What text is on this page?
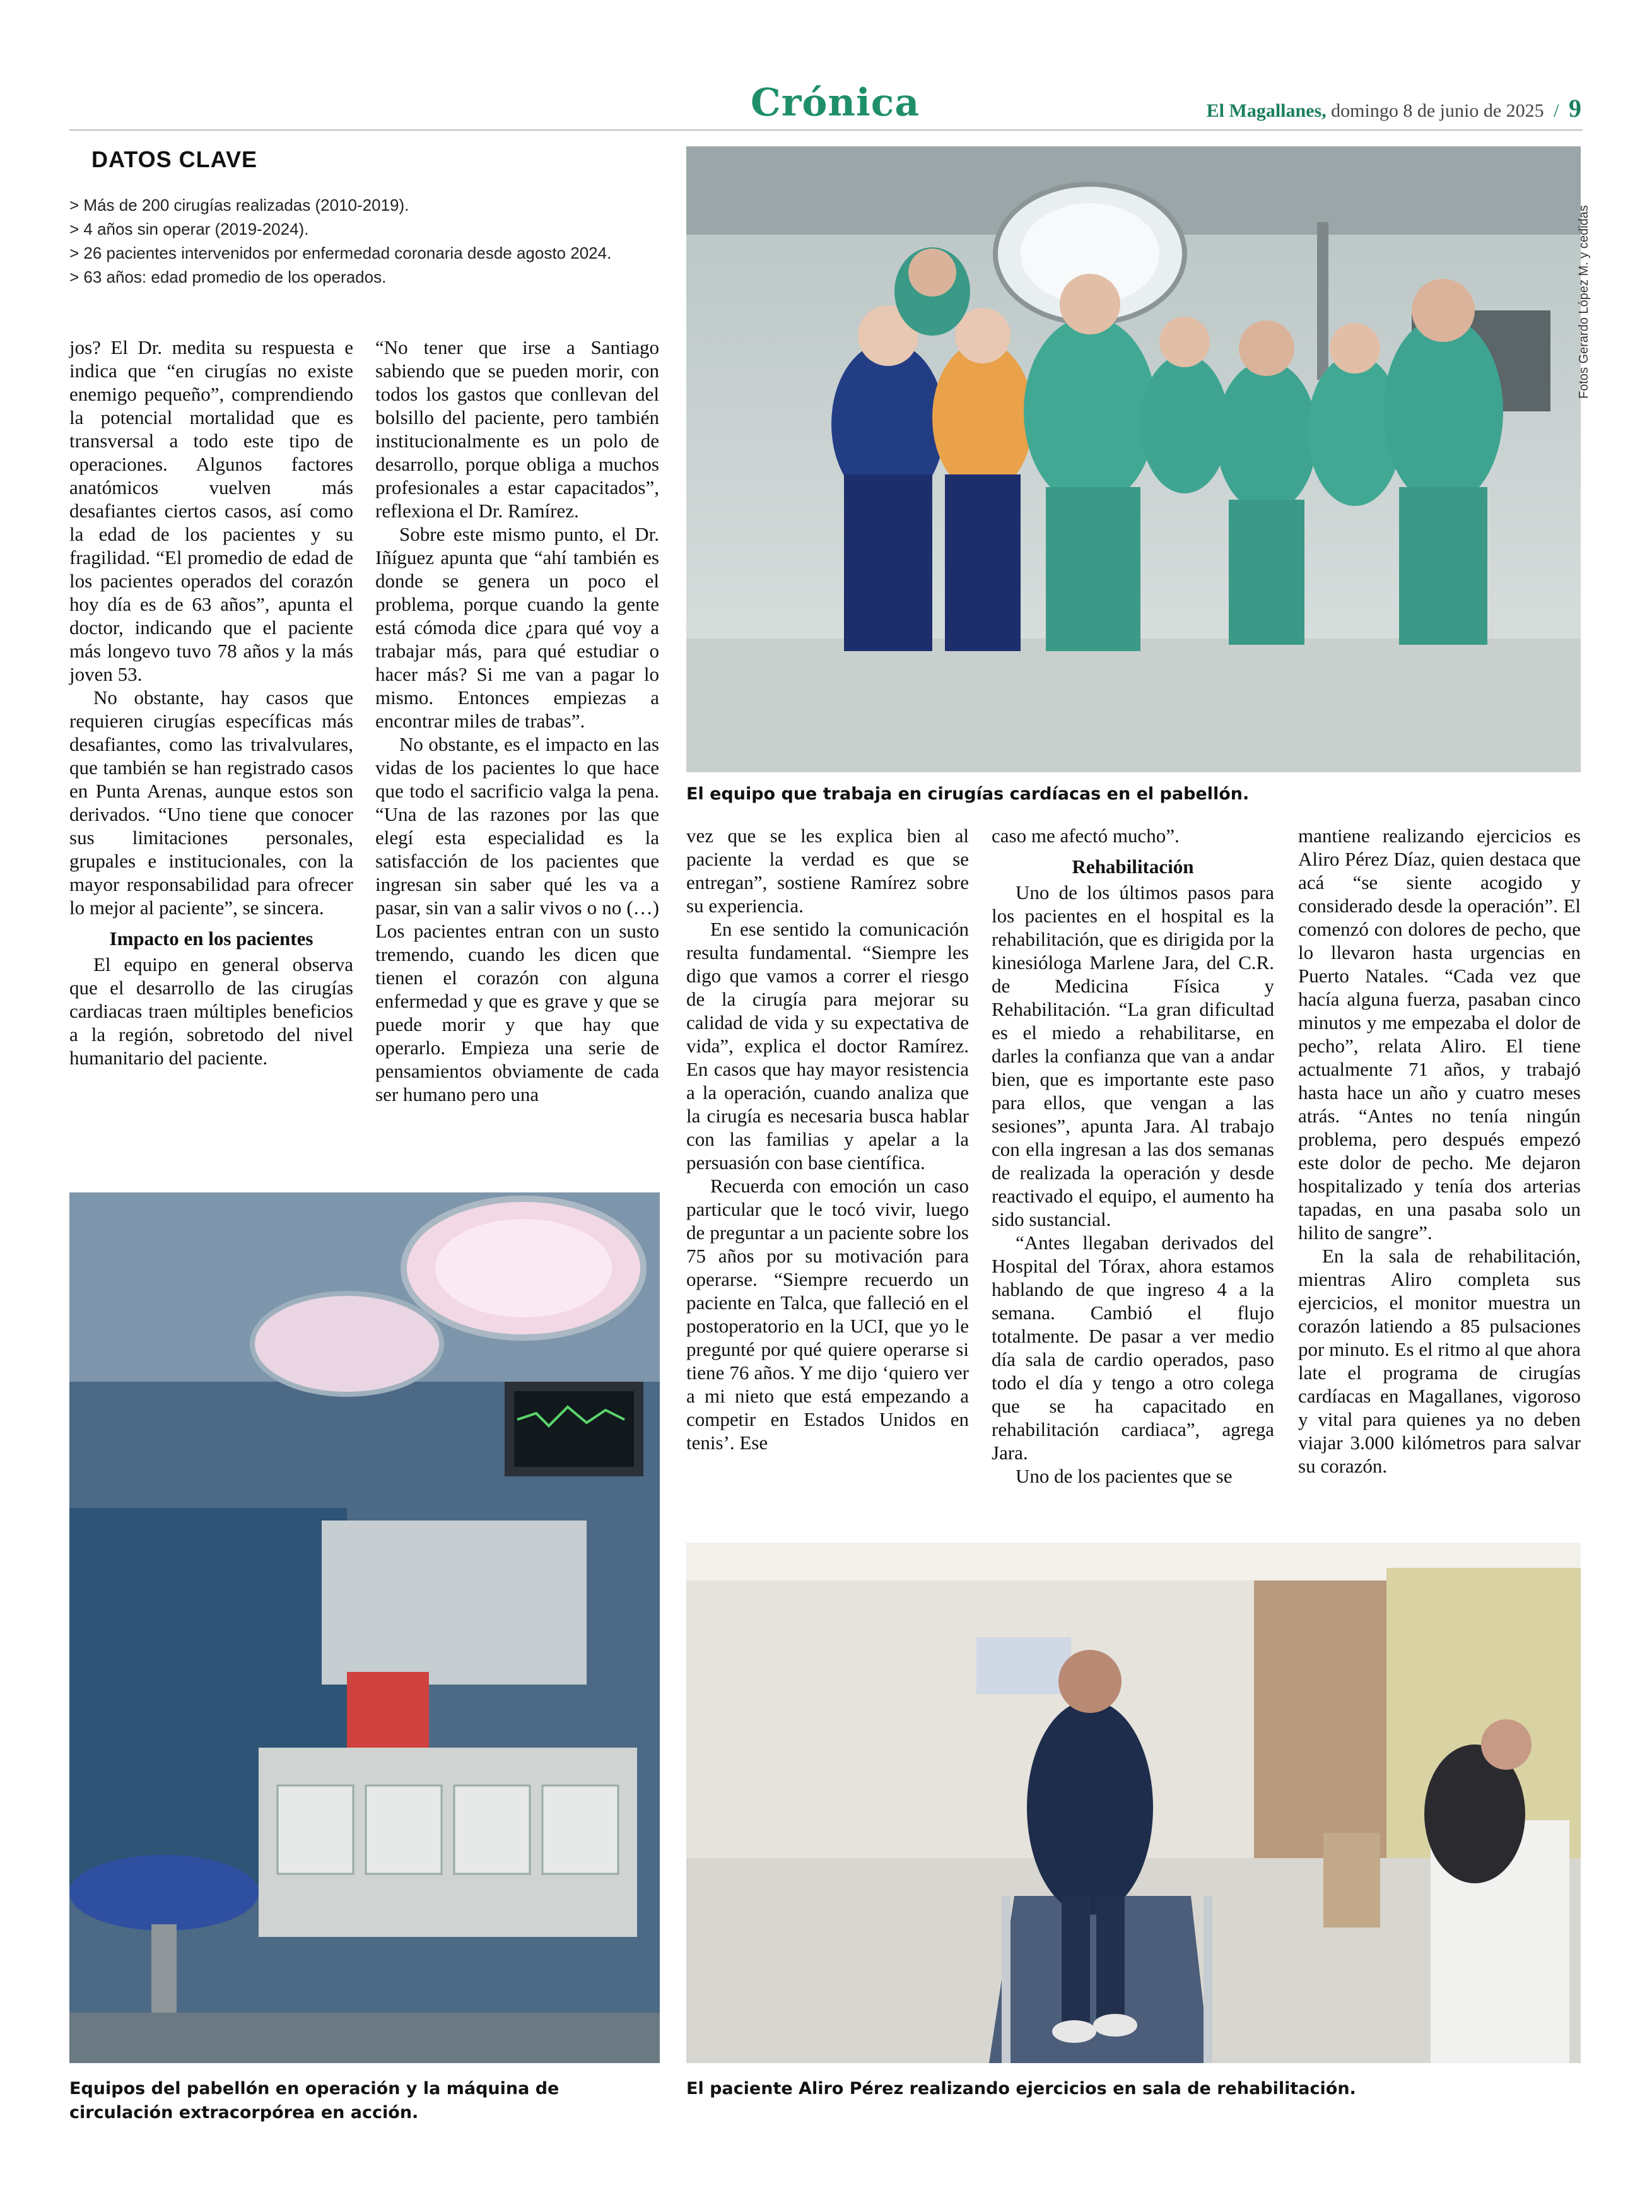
Crónica	El Magallanes, domingo 8 de junio de 2025 / 9
DATOS CLAVE
> Más de 200 cirugías realizadas (2010-2019).
> 4 años sin operar (2019-2024).
> 26 pacientes intervenidos por enfermedad coronaria desde agosto 2024.
> 63 años: edad promedio de los operados.

jos? El Dr. medita su respuesta e indica que “en cirugías no existe enemigo pequeño”, comprendiendo la potencial mortalidad que es transversal a todo este tipo de operaciones. Algunos factores anatómicos vuelven más desafiantes ciertos casos, así como la edad de los pacientes y su fragilidad. “El promedio de edad de los pacientes operados del corazón hoy día es de 63 años”, apunta el doctor, indicando que el paciente más longevo tuvo 78 años y la más joven 53.

No obstante, hay casos que requieren cirugías específicas más desafiantes, como las trivalvulares, que también se han registrado casos en Punta Arenas, aunque estos son derivados. “Uno tiene que conocer sus limitaciones personales, grupales e institucionales, con la mayor responsabilidad para ofrecer lo mejor al paciente”, se sincera.

Impacto en los pacientes

El equipo en general observa que el desarrollo de las cirugías cardiacas traen múltiples beneficios a la región, sobretodo del nivel humanitario del paciente.

“No tener que irse a Santiago sabiendo que se pueden morir, con todos los gastos que conllevan del bolsillo del paciente, pero también institucionalmente es un polo de desarrollo, porque obliga a muchos profesionales a estar capacitados”, reflexiona el Dr. Ramírez.

Sobre este mismo punto, el Dr. Iñíguez apunta que “ahí también es donde se genera un poco el problema, porque cuando la gente está cómoda dice ¿para qué voy a trabajar más, para qué estudiar o hacer más? Si me van a pagar lo mismo. Entonces empiezas a encontrar miles de trabas”.

No obstante, es el impacto en las vidas de los pacientes lo que hace que todo el sacrificio valga la pena. “Una de las razones por las que elegí esta especialidad es la satisfacción de los pacientes que ingresan sin saber qué les va a pasar, sin van a salir vivos o no (…) Los pacientes entran con un susto tremendo, cuando les dicen que tienen el corazón con alguna enfermedad y que es grave y que se puede morir y que hay que operarlo. Empieza una serie de pensamientos obviamente de cada ser humano pero una

Fotos Gerardo López M. y cedidas
El equipo que trabaja en cirugías cardíacas en el pabellón.

vez que se les explica bien al paciente la verdad es que se entregan”, sostiene Ramírez sobre su experiencia.

En ese sentido la comunicación resulta fundamental. “Siempre les digo que vamos a correr el riesgo de la cirugía para mejorar su calidad de vida y su expectativa de vida”, explica el doctor Ramírez. En casos que hay mayor resistencia a la operación, cuando analiza que la cirugía es necesaria busca hablar con las familias y apelar a la persuasión con base científica.

Recuerda con emoción un caso particular que le tocó vivir, luego de preguntar a un paciente sobre los 75 años por su motivación para operarse. “Siempre recuerdo un paciente en Talca, que falleció en el postoperatorio en la UCI, que yo le pregunté por qué quiere operarse si tiene 76 años. Y me dijo ‘quiero ver a mi nieto que está empezando a competir en Estados Unidos en tenis’. Ese

caso me afectó mucho”.

Rehabilitación

Uno de los últimos pasos para los pacientes en el hospital es la rehabilitación, que es dirigida por la kinesióloga Marlene Jara, del C.R. de Medicina Física y Rehabilitación. “La gran dificultad es el miedo a rehabilitarse, en darles la confianza que van a andar bien, que es importante este paso para ellos, que vengan a las sesiones”, apunta Jara. Al trabajo con ella ingresan a las dos semanas de realizada la operación y desde reactivado el equipo, el aumento ha sido sustancial.

“Antes llegaban derivados del Hospital del Tórax, ahora estamos hablando de que ingreso 4 a la semana. Cambió el flujo totalmente. De pasar a ver medio día sala de cardio operados, paso todo el día y tengo a otro colega que se ha capacitado en rehabilitación cardiaca”, agrega Jara.

Uno de los pacientes que se

mantiene realizando ejercicios es Aliro Pérez Díaz, quien destaca que acá “se siente acogido y considerado desde la operación”. El comenzó con dolores de pecho, que lo llevaron hasta urgencias en Puerto Natales. “Cada vez que hacía alguna fuerza, pasaban cinco minutos y me empezaba el dolor de pecho”, relata Aliro. El tiene actualmente 71 años, y trabajó hasta hace un año y cuatro meses atrás. “Antes no tenía ningún problema, pero después empezó este dolor de pecho. Me dejaron hospitalizado y tenía dos arterias tapadas, en una pasaba solo un hilito de sangre”.

En la sala de rehabilitación, mientras Aliro completa sus ejercicios, el monitor muestra un corazón latiendo a 85 pulsaciones por minuto. Es el ritmo al que ahora late el programa de cirugías cardíacas en Magallanes, vigoroso y vital para quienes ya no deben viajar 3.000 kilómetros para salvar su corazón.

Equipos del pabellón en operación y la máquina de circulación extracorpórea en acción.
El paciente Aliro Pérez realizando ejercicios en sala de rehabilitación.
